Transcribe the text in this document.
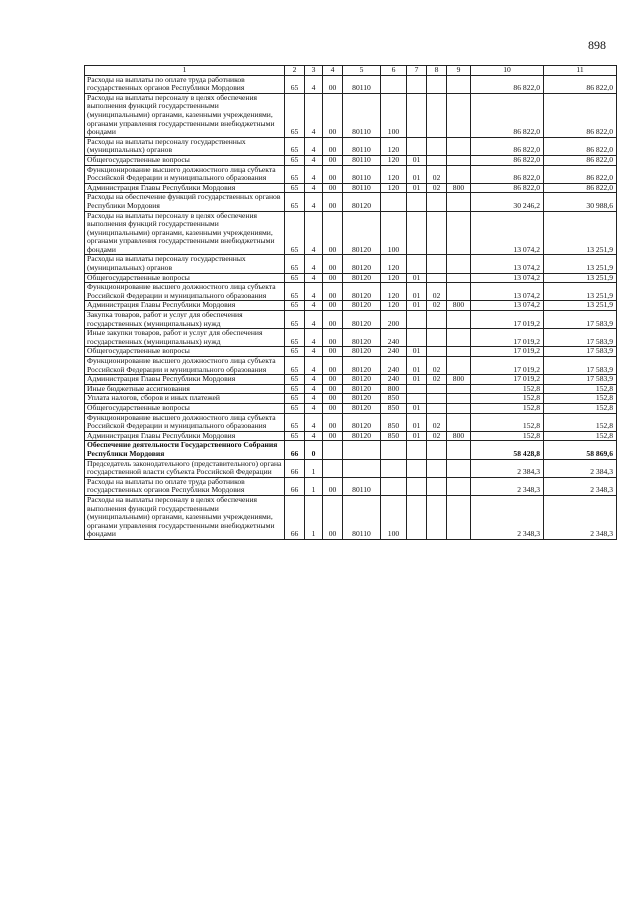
898
1	2	3	4	5	6	7	8	9	10	11
Расходы на выплаты по оплате труда работников государственных органов Республики Мордовия	65	4	00	80110					86 822,0	86 822,0
Расходы на выплаты персоналу в целях обеспечения выполнения функций государственными (муниципальными) органами, казенными учреждениями, органами управления государственными внебюджетными фондами	65	4	00	80110	100				86 822,0	86 822,0
Расходы на выплаты персоналу государственных (муниципальных) органов	65	4	00	80110	120				86 822,0	86 822,0
Общегосударственные вопросы	65	4	00	80110	120	01			86 822,0	86 822,0
Функционирование высшего должностного лица субъекта Российской Федерации и муниципального образования	65	4	00	80110	120	01	02		86 822,0	86 822,0
Администрация Главы Республики Мордовия	65	4	00	80110	120	01	02	800	86 822,0	86 822,0
Расходы на обеспечение функций государственных органов Республики Мордовия	65	4	00	80120					30 246,2	30 988,6
Расходы на выплаты персоналу в целях обеспечения выполнения функций государственными (муниципальными) органами, казенными учреждениями, органами управления государственными внебюджетными фондами	65	4	00	80120	100				13 074,2	13 251,9
Расходы на выплаты персоналу государственных (муниципальных) органов	65	4	00	80120	120				13 074,2	13 251,9
Общегосударственные вопросы	65	4	00	80120	120	01			13 074,2	13 251,9
Функционирование высшего должностного лица субъекта Российской Федерации и муниципального образования	65	4	00	80120	120	01	02		13 074,2	13 251,9
Администрация Главы Республики Мордовия	65	4	00	80120	120	01	02	800	13 074,2	13 251,9
Закупка товаров, работ и услуг для обеспечения государственных (муниципальных) нужд	65	4	00	80120	200				17 019,2	17 583,9
Иные закупки товаров, работ и услуг для обеспечения государственных (муниципальных) нужд	65	4	00	80120	240				17 019,2	17 583,9
Общегосударственные вопросы	65	4	00	80120	240	01			17 019,2	17 583,9
Функционирование высшего должностного лица субъекта Российской Федерации и муниципального образования	65	4	00	80120	240	01	02		17 019,2	17 583,9
Администрация Главы Республики Мордовия	65	4	00	80120	240	01	02	800	17 019,2	17 583,9
Иные бюджетные ассигнования	65	4	00	80120	800				152,8	152,8
Уплата налогов, сборов и иных платежей	65	4	00	80120	850				152,8	152,8
Общегосударственные вопросы	65	4	00	80120	850	01			152,8	152,8
Функционирование высшего должностного лица субъекта Российской Федерации и муниципального образования	65	4	00	80120	850	01	02		152,8	152,8
Администрация Главы Республики Мордовия	65	4	00	80120	850	01	02	800	152,8	152,8
Обеспечение деятельности Государственного Собрания Республики Мордовия	66	0							58 428,8	58 869,6
Председатель законодательного (представительного) органа государственной власти субъекта Российской Федерации	66	1							2 384,3	2 384,3
Расходы на выплаты по оплате труда работников государственных органов Республики Мордовия	66	1	00	80110					2 348,3	2 348,3
Расходы на выплаты персоналу в целях обеспечения выполнения функций государственными (муниципальными) органами, казенными учреждениями, органами управления государственными внебюджетными фондами	66	1	00	80110	100				2 348,3	2 348,3
